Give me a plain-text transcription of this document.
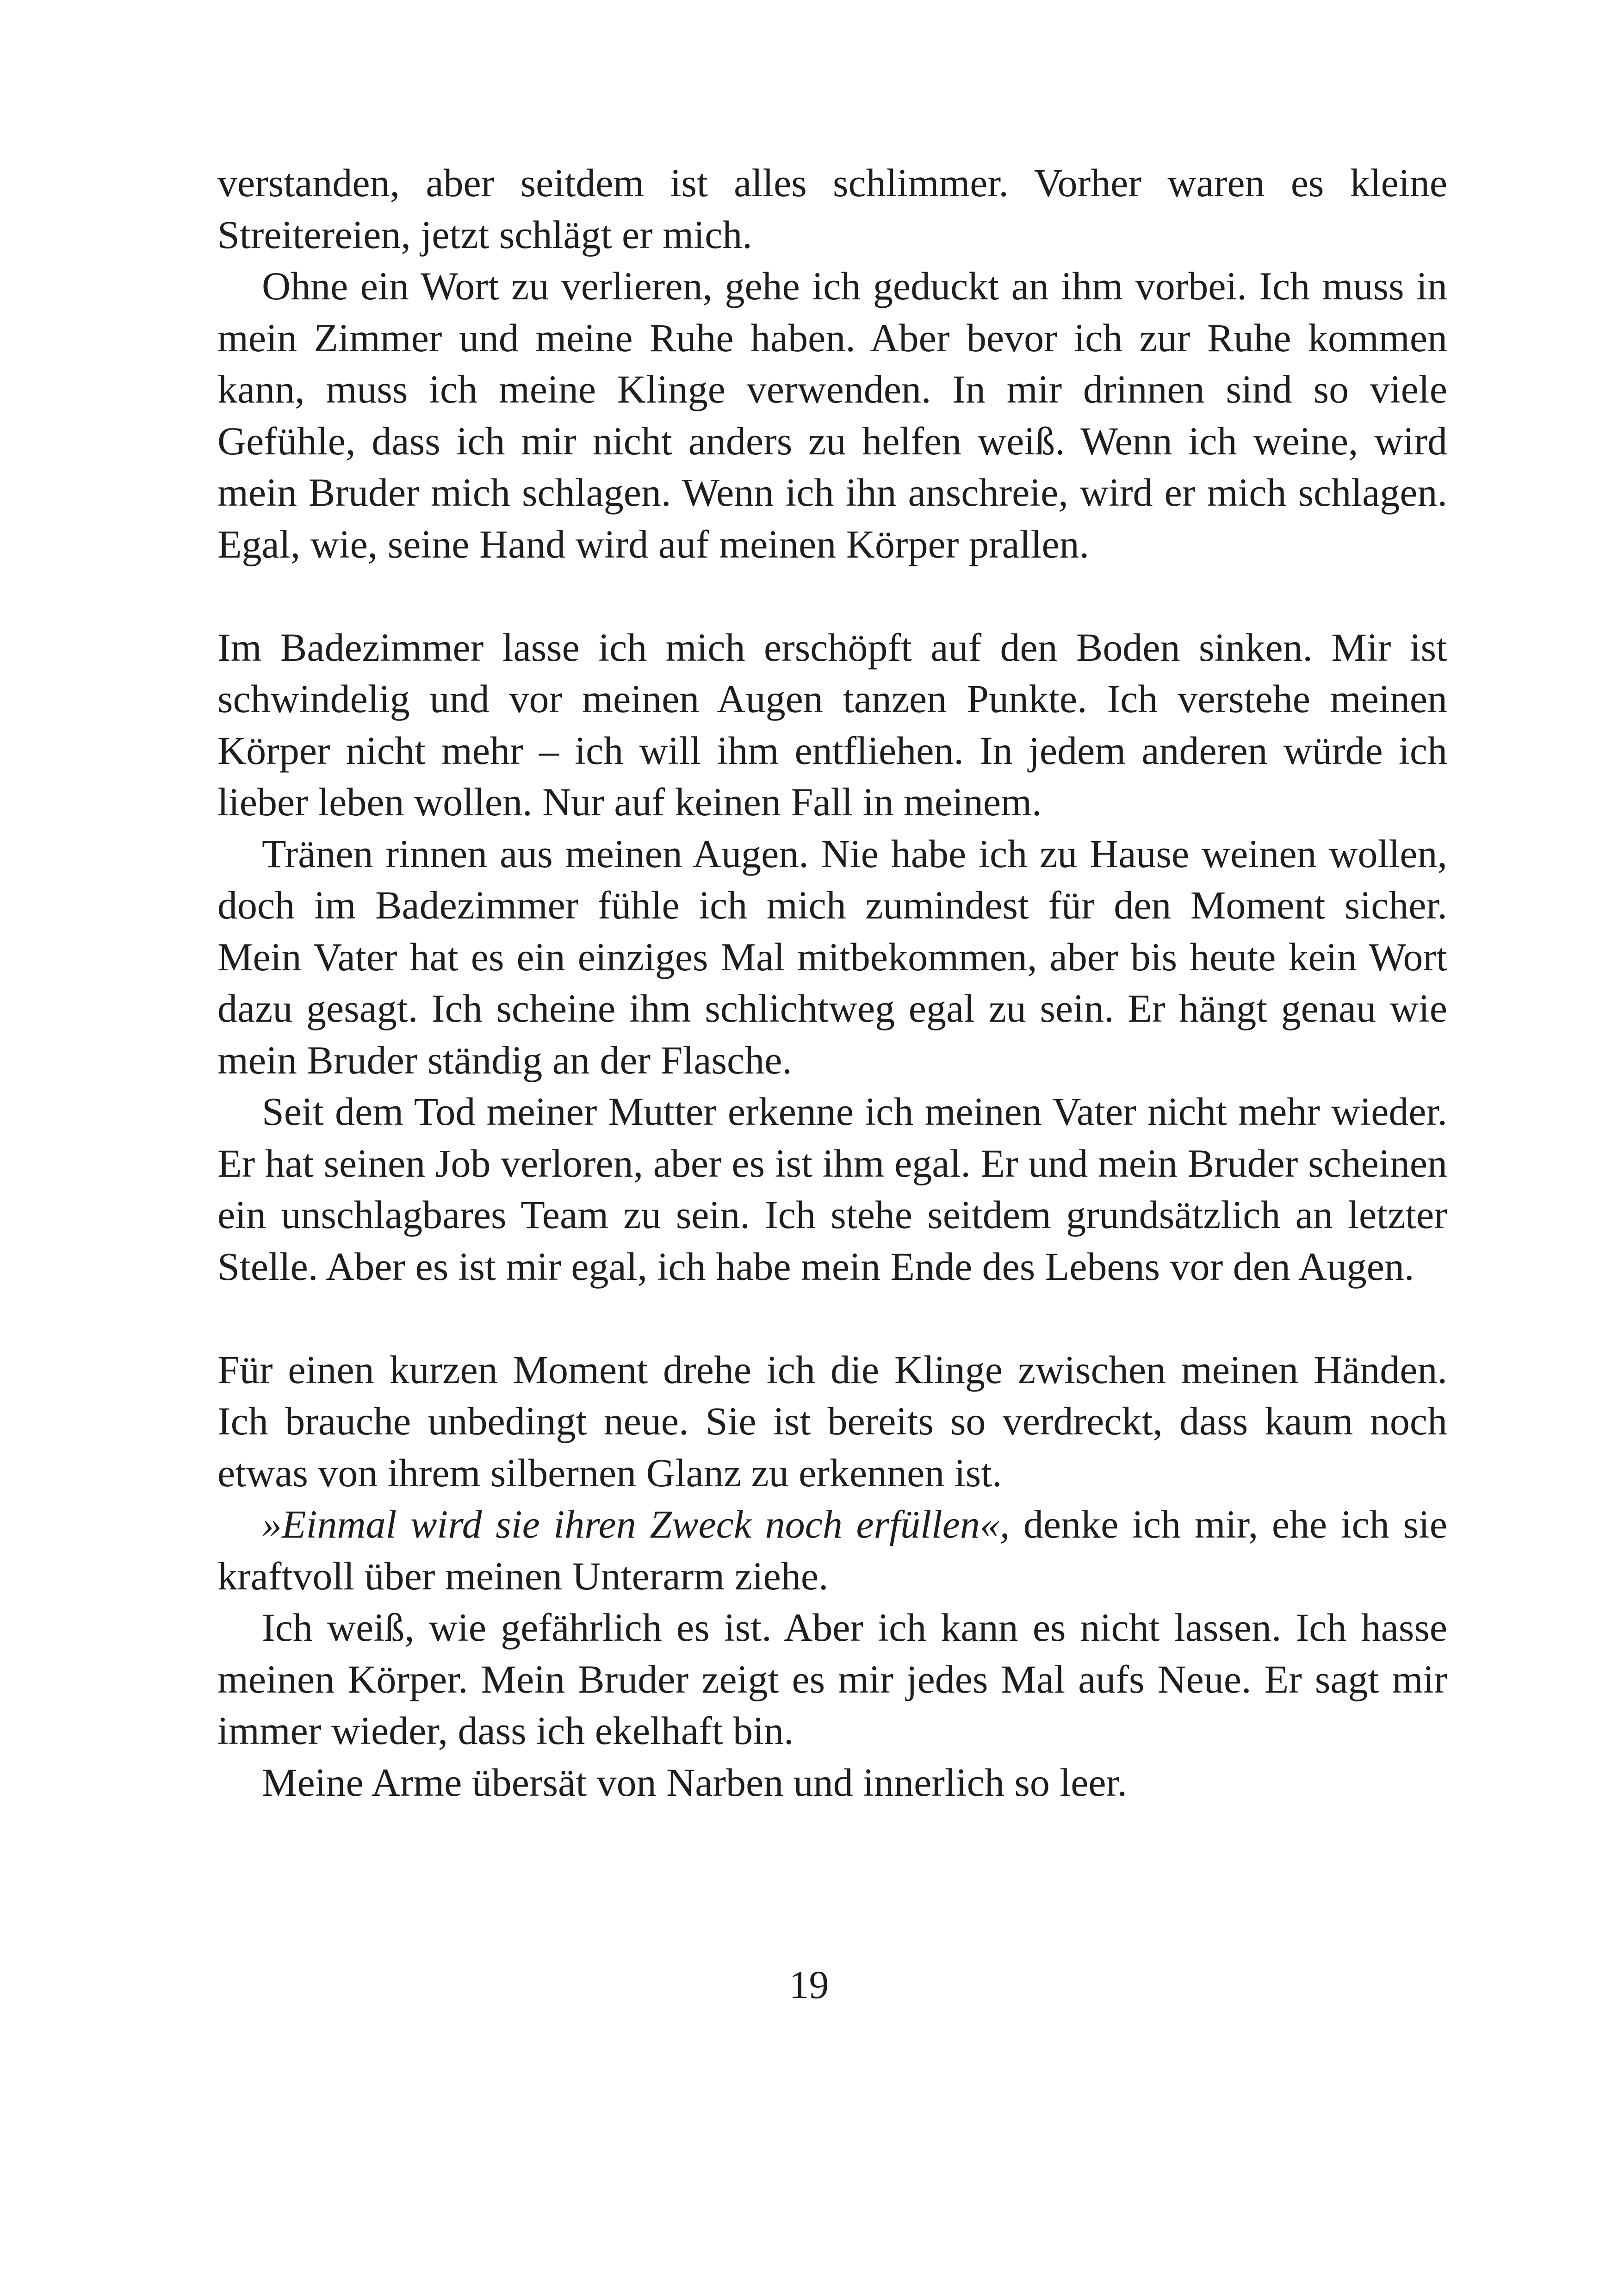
verstanden, aber seitdem ist alles schlimmer. Vorher waren es kleine Streitereien, jetzt schlägt er mich.

Ohne ein Wort zu verlieren, gehe ich geduckt an ihm vorbei. Ich muss in mein Zimmer und meine Ruhe haben. Aber bevor ich zur Ruhe kommen kann, muss ich meine Klinge verwenden. In mir drinnen sind so viele Gefühle, dass ich mir nicht anders zu helfen weiß. Wenn ich weine, wird mein Bruder mich schlagen. Wenn ich ihn anschreie, wird er mich schlagen. Egal, wie, seine Hand wird auf meinen Körper prallen.

Im Badezimmer lasse ich mich erschöpft auf den Boden sinken. Mir ist schwindelig und vor meinen Augen tanzen Punkte. Ich verstehe meinen Körper nicht mehr – ich will ihm entfliehen. In jedem anderen würde ich lieber leben wollen. Nur auf keinen Fall in meinem.

Tränen rinnen aus meinen Augen. Nie habe ich zu Hause weinen wollen, doch im Badezimmer fühle ich mich zumindest für den Moment sicher. Mein Vater hat es ein einziges Mal mitbekommen, aber bis heute kein Wort dazu gesagt. Ich scheine ihm schlichtweg egal zu sein. Er hängt genau wie mein Bruder ständig an der Flasche.

Seit dem Tod meiner Mutter erkenne ich meinen Vater nicht mehr wieder. Er hat seinen Job verloren, aber es ist ihm egal. Er und mein Bruder scheinen ein unschlagbares Team zu sein. Ich stehe seitdem grundsätzlich an letzter Stelle. Aber es ist mir egal, ich habe mein Ende des Lebens vor den Augen.

Für einen kurzen Moment drehe ich die Klinge zwischen meinen Händen. Ich brauche unbedingt neue. Sie ist bereits so verdreckt, dass kaum noch etwas von ihrem silbernen Glanz zu erkennen ist.

»Einmal wird sie ihren Zweck noch erfüllen«, denke ich mir, ehe ich sie kraftvoll über meinen Unterarm ziehe.

Ich weiß, wie gefährlich es ist. Aber ich kann es nicht lassen. Ich hasse meinen Körper. Mein Bruder zeigt es mir jedes Mal aufs Neue. Er sagt mir immer wieder, dass ich ekelhaft bin.

Meine Arme übersät von Narben und innerlich so leer.

19
